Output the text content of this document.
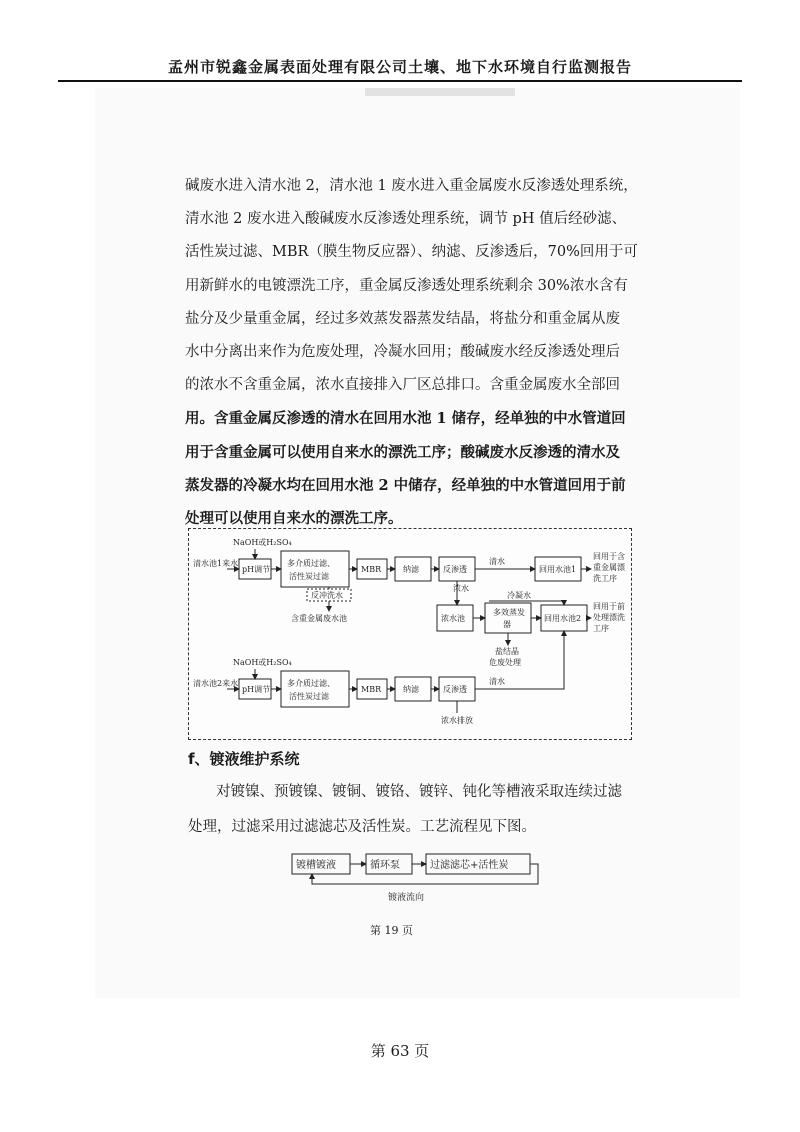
孟州市锐鑫金属表面处理有限公司土壤、地下水环境自行监测报告
碱废水进入清水池 2，清水池 1 废水进入重金属废水反渗透处理系统，
清水池 2 废水进入酸碱废水反渗透处理系统，调节 pH 值后经砂滤、
活性炭过滤、MBR（膜生物反应器）、纳滤、反渗透后，70%回用于可
用新鲜水的电镀漂洗工序，重金属反渗透处理系统剩余 30%浓水含有
盐分及少量重金属，经过多效蒸发器蒸发结晶，将盐分和重金属从废
水中分离出来作为危废处理，冷凝水回用；酸碱废水经反渗透处理后
的浓水不含重金属，浓水直接排入厂区总排口。含重金属废水全部回
用。含重金属反渗透的清水在回用水池 1 储存，经单独的中水管道回
用于含重金属可以使用自来水的漂洗工序；酸碱废水反渗透的清水及
蒸发器的冷凝水均在回用水池 2 中储存，经单独的中水管道回用于前
处理可以使用自来水的漂洗工序。
清水池1来水
NaOH或H₂SO₄
pH调节
多介质过滤、
活性炭过滤
MBR	纳滤	反渗透
清水
回用水池1
回用于含
重金属漂
洗工序
反冲洗水
含重金属废水池
浓水
浓水池
多效蒸发
器
冷凝水
回用水池2
回用于前
处理漂洗
工序
盐结晶
危废处理
清水池2来水
NaOH或H₂SO₄
pH调节
多介质过滤、
活性炭过滤
MBR	纳滤	反渗透
清水
浓水排放
f、镀液维护系统
对镀镍、预镀镍、镀铜、镀铬、镀锌、钝化等槽液采取连续过滤
处理，过滤采用过滤滤芯及活性炭。工艺流程见下图。
镀槽镀液	循环泵	过滤滤芯+活性炭
镀液流向
第 19 页
第 63 页
